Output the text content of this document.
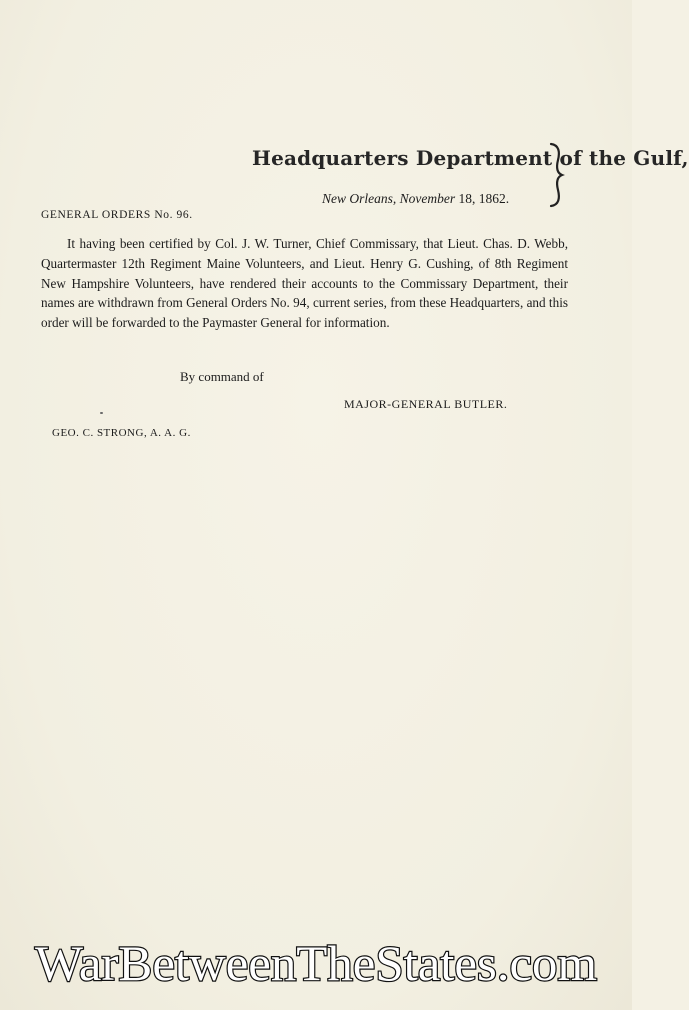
Headquarters Department of the Gulf,
New Orleans, November 18, 1862.
GENERAL ORDERS No. 96.
It having been certified by Col. J. W. Turner, Chief Commissary, that Lieut. Chas. D. Webb, Quartermaster 12th Regiment Maine Volunteers, and Lieut. Henry G. Cushing, of 8th Regiment New Hampshire Volunteers, have rendered their accounts to the Commissary Department, their names are withdrawn from General Orders No. 94, current series, from these Headquarters, and this order will be forwarded to the Paymaster General for information.
By command of
MAJOR-GENERAL BUTLER.
GEO. C. STRONG, A. A. G.
WarBetweenTheStates.com
